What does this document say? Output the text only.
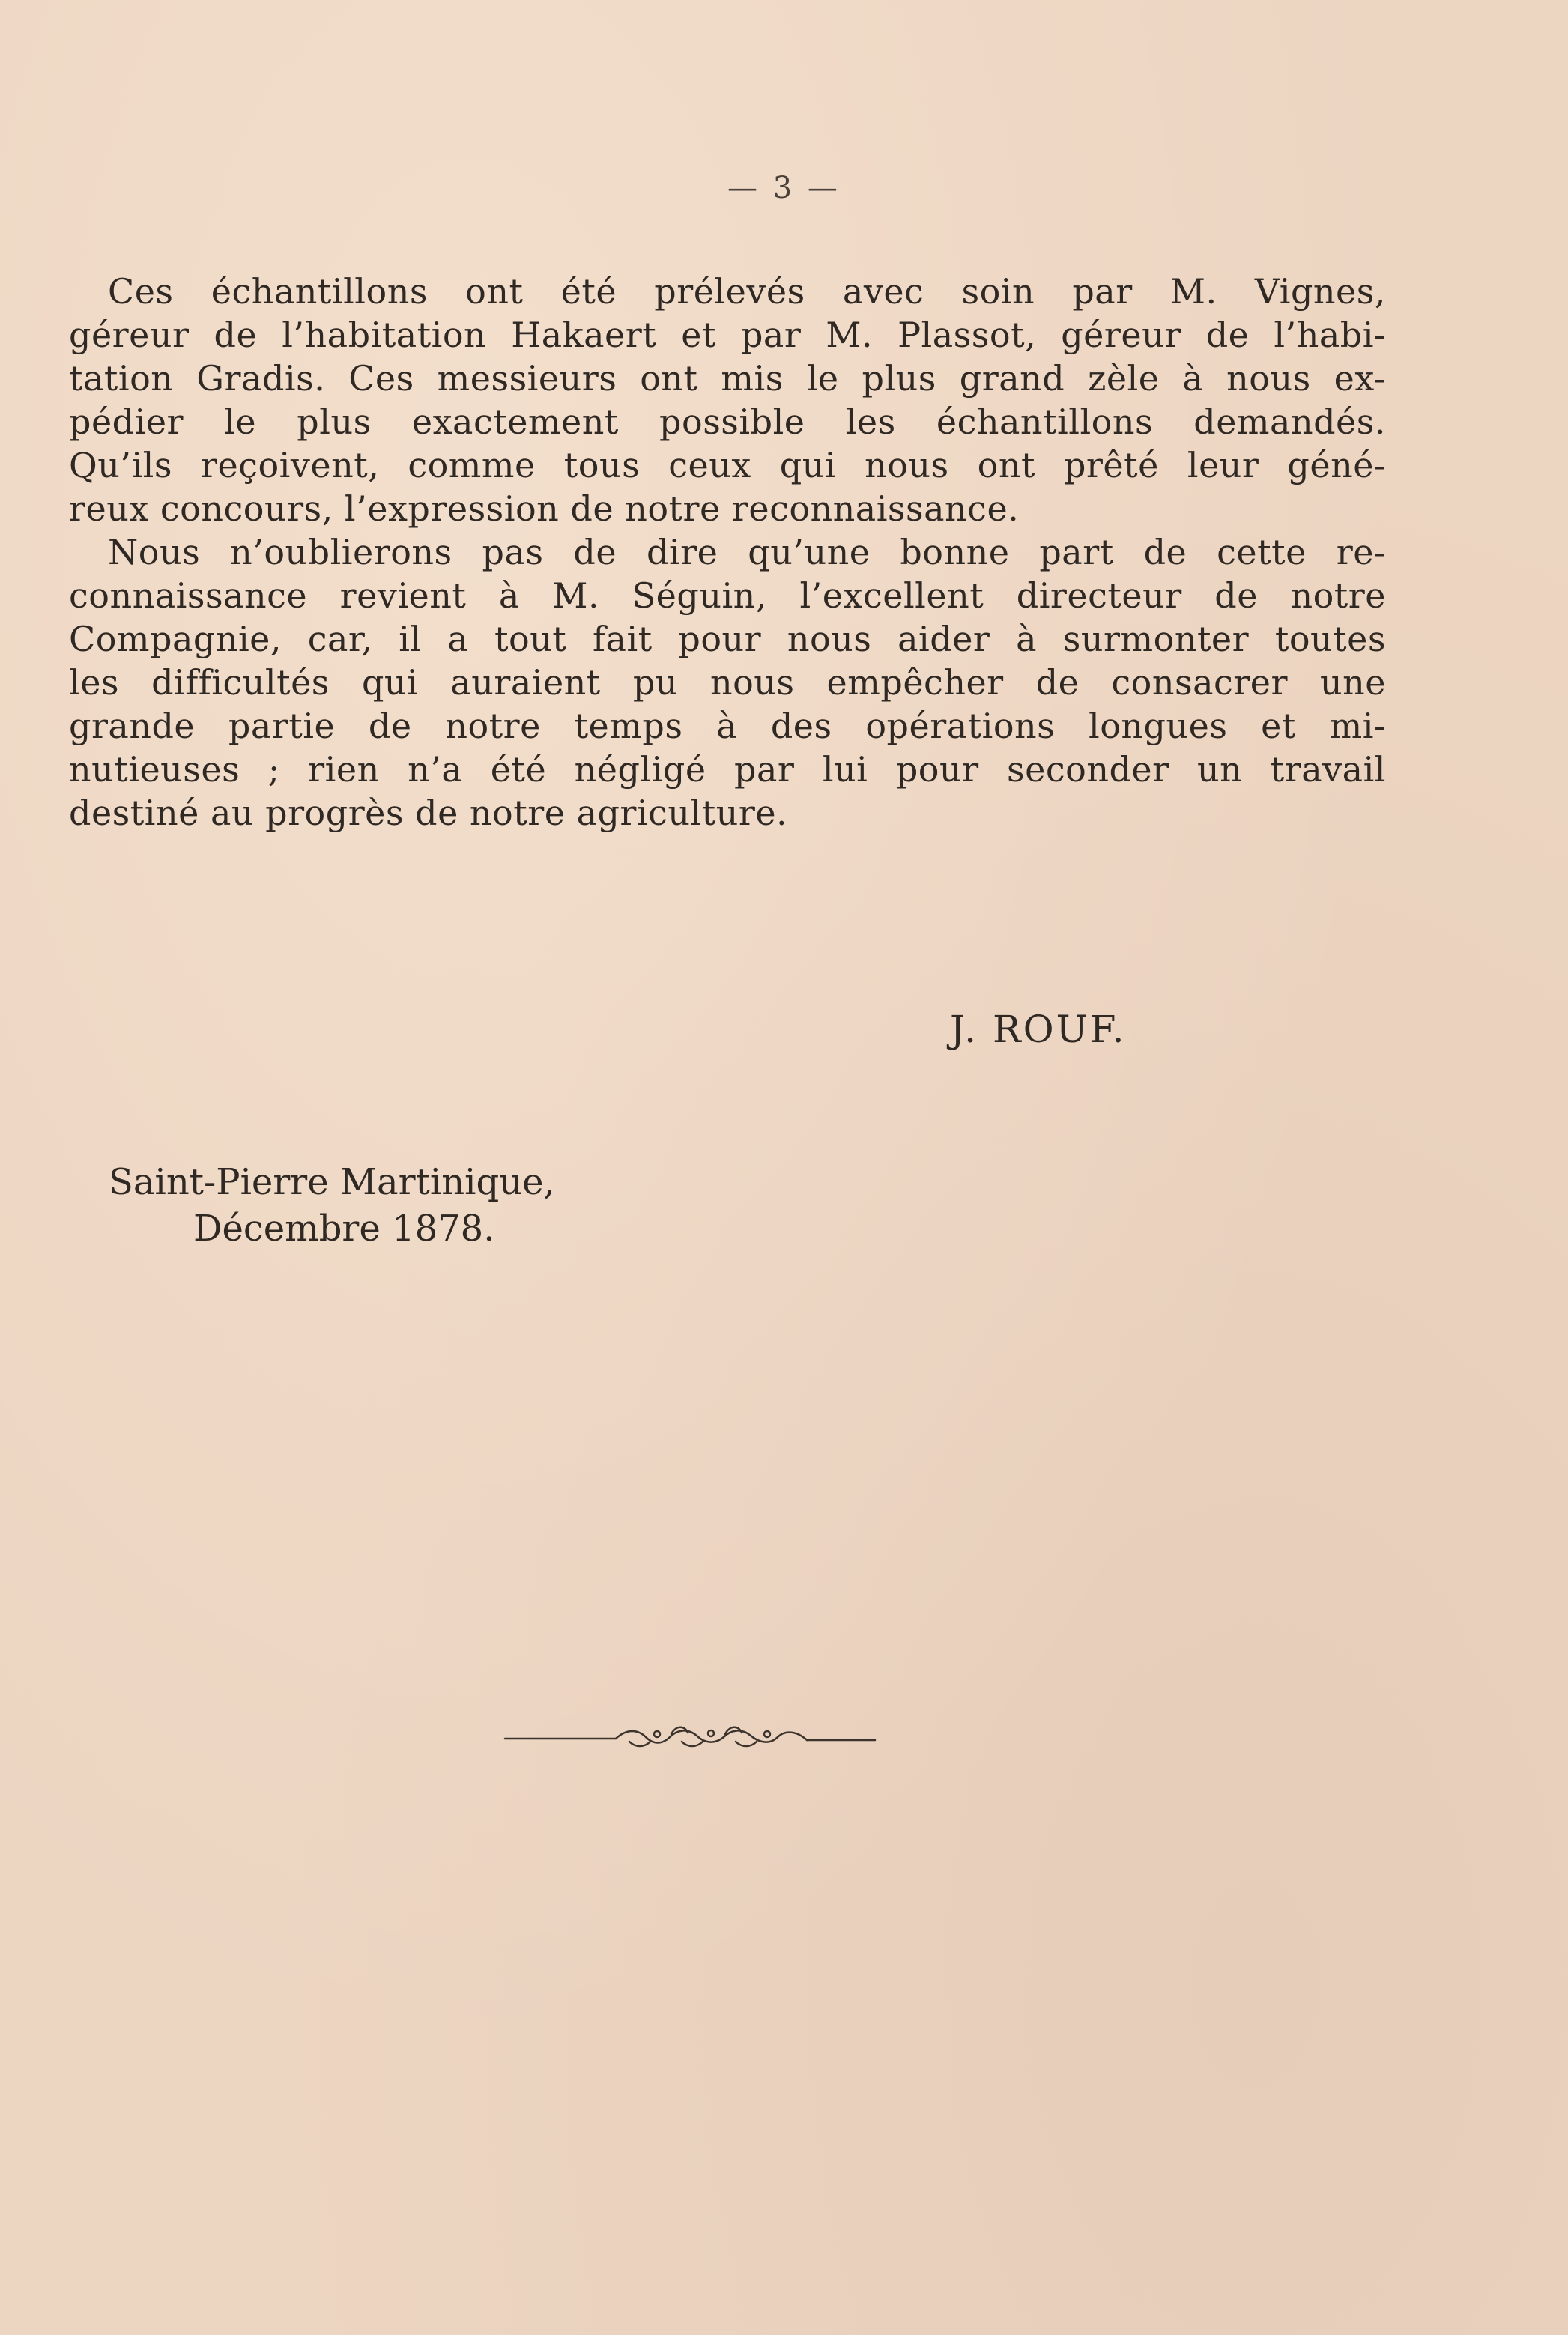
— 3 —
Ces échantillons ont été prélevés avec soin par M. Vignes,
géreur de l’habitation Hakaert et par M. Plassot, géreur de l’habi-
tation Gradis. Ces messieurs ont mis le plus grand zèle à nous ex-
pédier le plus exactement possible les échantillons demandés.
Qu’ils reçoivent, comme tous ceux qui nous ont prêté leur géné-
reux concours, l’expression de notre reconnaissance.
Nous n’oublierons pas de dire qu’une bonne part de cette re-
connaissance revient à M. Séguin, l’excellent directeur de notre
Compagnie, car, il a tout fait pour nous aider à surmonter toutes
les difficultés qui auraient pu nous empêcher de consacrer une
grande partie de notre temps à des opérations longues et mi-
nutieuses ; rien n’a été négligé par lui pour seconder un travail
destiné au progrès de notre agriculture.
J. ROUF.
Saint-Pierre Martinique,
Décembre 1878.
